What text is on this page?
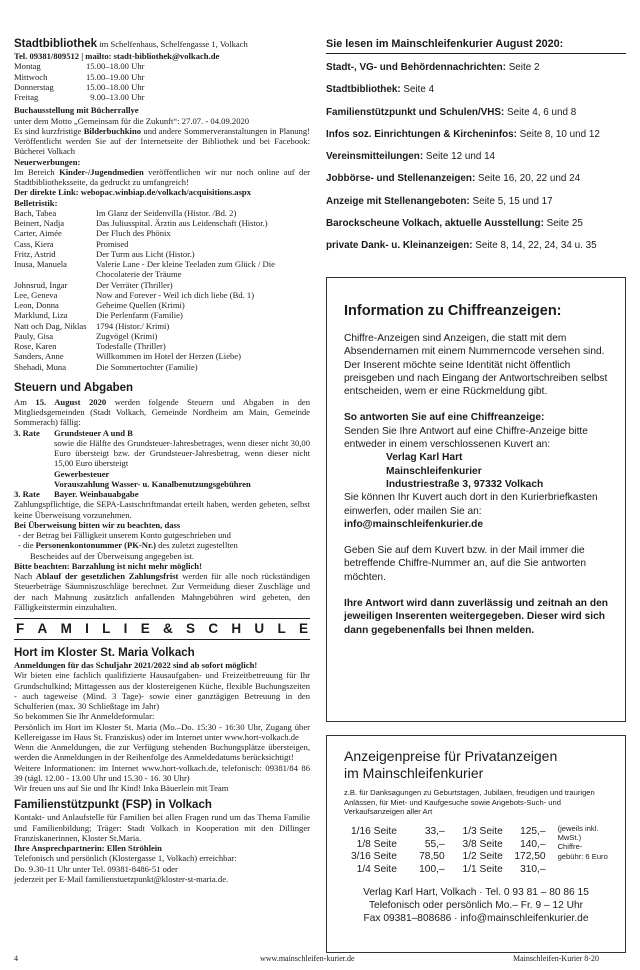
Stadtbibliothek im Schelfenhaus, Schelfengasse 1, Volkach

Tel. 09381/809512 | mailto: stadt-bibliothek@volkach.de

Montag	15.00–18.00 Uhr
Mittwoch	15.00–19.00 Uhr
Donnerstag	15.00–18.00 Uhr
Freitag	9.00–13.00 Uhr

Buchausstellung mit Bücherrallye

unter dem Motto „Gemeinsam für die Zukunft“: 27.07. - 04.09.2020

Es sind kurzfristige Bilderbuchkino und andere Sommerveranstaltungen in Planung! Veröffentlicht werden Sie auf der Internetseite der Bibliothek und bei Facebook: Bücherei Volkach

Neuerwerbungen:

Im Bereich Kinder-/Jugendmedien veröffentlichen wir nur noch online auf der Stadtbibliotheksseite, da gedruckt zu umfangreich!

Der direkte Link: webopac.winbiap.de/volkach/acquisitions.aspx

Belletristik:

Bach, Tabea	Im Glanz der Seidenvilla (Histor. /Bd. 2)
Beinert, Nadja	Das Juliusspital. Ärztin aus Leidenschaft (Histor.)
Carter, Aimée	Der Fluch des Phönix
Cass, Kiera	Promised
Fritz, Astrid	Der Turm aus Licht (Histor.)
Inusa, Manuela	Valerie Lane - Der kleine Teeladen zum Glück / Die Chocolaterie der Träume
Johnsrud, Ingar	Der Verräter (Thriller)
Lee, Geneva	Now and Forever - Weil ich dich liebe (Bd. 1)
Leon, Donna	Geheime Quellen (Krimi)
Marklund, Liza	Die Perlenfarm (Familie)
Natt och Dag, Niklas	1794 (Histor./ Krimi)
Pauly, Gisa	Zugvögel (Krimi)
Rose, Karen	Todesfalle (Thriller)
Sanders, Anne	Willkommen im Hotel der Herzen (Liebe)
Shehadi, Muna	Die Sommertochter (Familie)

Steuern und Abgaben

Am 15. August 2020 werden folgende Steuern und Abgaben in den Mitgliedsgemeinden (Stadt Volkach, Gemeinde Nordheim am Main, Gemeinde Sommerach) fällig:

3. Rate	Grundsteuer A und B

sowie die Hälfte des Grundsteuer-Jahresbetrages, wenn dieser nicht 30,00 Euro übersteigt bzw. der Grundsteuer-Jahresbetrag, wenn dieser nicht 15,00 Euro übersteigt

Gewerbesteuer

Vorauszahlung Wasser- u. Kanalbenutzungsgebühren

3. Rate	Bayer. Weinbauabgabe

Zahlungspflichtige, die SEPA-Lastschriftmandat erteilt haben, werden gebeten, selbst keine Überweisung vorzunehmen.

Bei Überweisung bitten wir zu beachten, dass

- der Betrag bei Fälligkeit unserem Konto gutgeschrieben und

- die Personenkontonummer (PK-Nr.) des zuletzt zugestellten

Bescheides auf der Überweisung angegeben ist.

Bitte beachten: Barzahlung ist nicht mehr möglich!

Nach Ablauf der gesetzlichen Zahlungsfrist werden für alle noch rückständigen Steuerbeträge Säumniszuschläge berechnet. Zur Vermeidung dieser Zuschläge und der nach Mahnung zusätzlich anfallenden Mahngebühren wird gebeten, den Fälligkeitstermin einzuhalten.

F A M I L I E & S C H U L E

Hort im Kloster St. Maria Volkach

Anmeldungen für das Schuljahr 2021/2022 sind ab sofort möglich!

Wir bieten eine fachlich qualifizierte Hausaufgaben- und Freizeitbetreuung für Ihr Grundschulkind; Mittagessen aus der klostereigenen Küche, flexible Buchungszeiten - auch tageweise (Mind. 3 Tage)- sowie einer ganztägigen Betreuung in den Schulferien (max. 30 Schließtage im Jahr)

So bekommen Sie Ihr Anmeldeformular:

Persönlich im Hort im Kloster St. Maria (Mo.–Do. 15:30 - 16:30 Uhr, Zugang über Kellereigasse im Haus St. Franziskus) oder im Internet unter www.hort-volkach.de

Wenn die Anmeldungen, die zur Verfügung stehenden Buchungsplätze übersteigen, werden die Anmeldungen in der Reihenfolge des Anmeldedatums berücksichtigt!

Weitere Informationen: im Internet www.hort-volkach.de, telefonisch: 09381/84 86 39 (tägl. 12.00 - 13.00 Uhr und 15.30 - 16. 30 Uhr)

Wir freuen uns auf Sie und Ihr Kind! Inka Bäuerlein mit Team

Familienstützpunkt (FSP) in Volkach

Kontakt- und Anlaufstelle für Familien bei allen Fragen rund um das Thema Familie und Familienbildung; Träger: Stadt Volkach in Kooperation mit den Dillinger Franziskanerinnen, Kloster St.Maria.

Ihre Ansprechpartnerin: Ellen Ströhlein

Telefonisch und persönlich (Klostergasse 1, Volkach) erreichbar:

Do. 9.30-11 Uhr unter Tel. 09381-8486-51 oder

jederzeit per E-Mail familienstuetzpunkt@kloster-st-maria.de.

Sie lesen im Mainschleifenkurier August 2020:

Stadt-, VG- und Behördennachrichten: Seite 2

Stadtbibliothek: Seite 4

Familienstützpunkt und Schulen/VHS: Seite 4, 6 und 8

Infos soz. Einrichtungen & Kircheninfos: Seite 8, 10 und 12

Vereinsmitteilungen: Seite 12 und 14

Jobbörse- und Stellenanzeigen: Seite 16, 20, 22 und 24

Anzeige mit Stellenangeboten: Seite 5, 15 und 17

Barockscheune Volkach, aktuelle Ausstellung: Seite 25

private Dank- u. Kleinanzeigen: Seite 8, 14, 22, 24, 34 u. 35

Information zu Chiffreanzeigen:

Chiffre-Anzeigen sind Anzeigen, die statt mit dem Absendernamen mit einem Nummerncode versehen sind. Der Inserent möchte seine Identität nicht öffentlich preisgeben und nach Eingang der Antwortschreiben selbst entscheiden, wem er eine Rückmeldung gibt.

So antworten Sie auf eine Chiffreanzeige:
Senden Sie Ihre Antwort auf eine Chiffre-Anzeige bitte entweder in einem verschlossenen Kuvert an:

Verlag Karl Hart
Mainschleifenkurier
Industriestraße 3, 97332 Volkach

Sie können Ihr Kuvert auch dort in den Kurierbriefkasten einwerfen, oder mailen Sie an:
info@mainschleifenkurier.de

Geben Sie auf dem Kuvert bzw. in der Mail immer die betreffende Chiffre-Nummer an, auf die Sie antworten möchten.

Ihre Antwort wird dann zuverlässig und zeitnah an den jeweiligen Inserenten weitergegeben. Dieser wird sich dann gegebenenfalls bei Ihnen melden.

Anzeigenpreise für Privatanzeigen
im Mainschleifenkurier
z.B. für Danksagungen zu Geburtstagen, Jubiläen, freudigen und traurigen Anlässen, für Miet- und Kaufgesuche sowie Angebots-Such- und Verkaufsanzeigen aller Art
1/16 Seite	33,–	1/3 Seite	125,–
1/8 Seite	55,–	3/8 Seite	140,–
3/16 Seite	78,50	1/2 Seite	172,50
1/4 Seite	100,–	1/1 Seite	310,–
(jeweils inkl. MwSt.) Chiffre-gebühr: 6 Euro
Verlag Karl Hart, Volkach · Tel. 0 93 81 – 80 86 15
Telefonisch oder persönlich Mo.– Fr. 9 – 12 Uhr
Fax 09381–808686 · info@mainschleifenkurier.de
4	www.mainschleifen-kurier.de	Mainschleifen-Kurier 8-20
